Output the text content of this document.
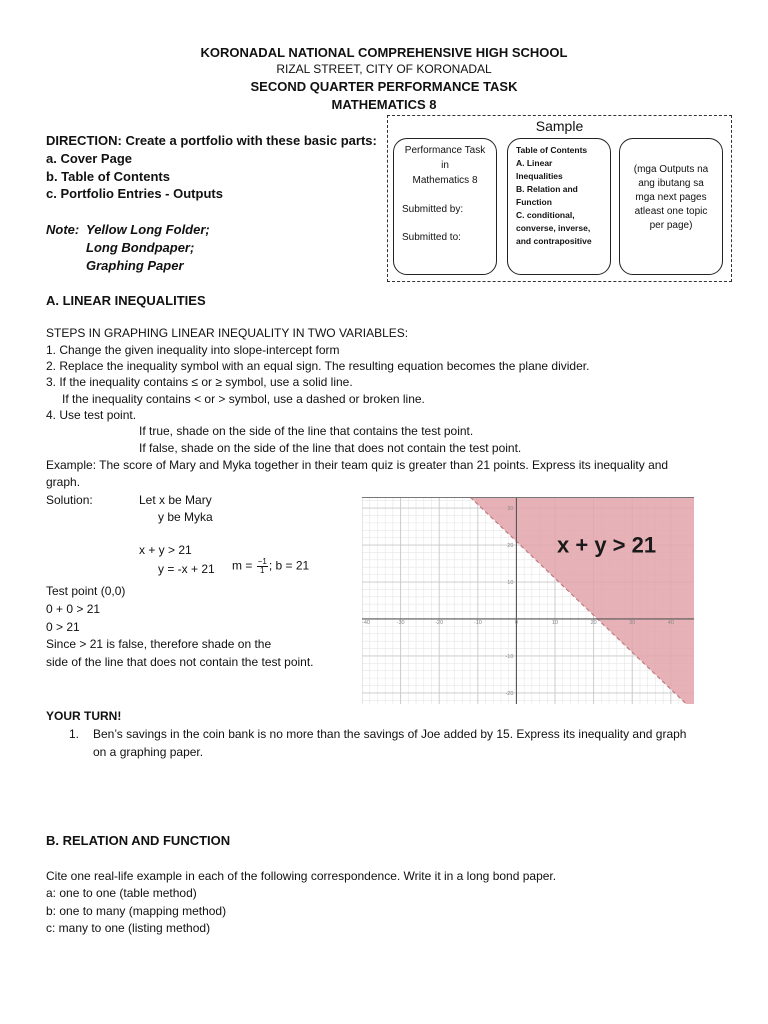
KORONADAL NATIONAL COMPREHENSIVE HIGH SCHOOL
RIZAL STREET, CITY OF KORONADAL
SECOND QUARTER PERFORMANCE TASK
MATHEMATICS 8
DIRECTION: Create a portfolio with these basic parts:
a. Cover Page
b. Table of Contents
c. Portfolio Entries - Outputs
Note: Yellow Long Folder;
Long Bondpaper;
Graphing Paper
Sample
Performance Task
in
Mathematics 8
Submitted by:
Submitted to:
Table of Contents
A. Linear
Inequalities
B. Relation and
Function
C. conditional,
converse, inverse,
and contrapositive
(mga Outputs na
ang ibutang sa
mga next pages
atleast one topic
per page)
A. LINEAR INEQUALITIES
STEPS IN GRAPHING LINEAR INEQUALITY IN TWO VARIABLES:
1. Change the given inequality into slope-intercept form
2. Replace the inequality symbol with an equal sign. The resulting equation becomes the plane divider.
3. If the inequality contains ≤ or ≥ symbol, use a solid line.
If the inequality contains < or > symbol, use a dashed or broken line.
4. Use test point.
If true, shade on the side of the line that contains the test point.
If false, shade on the side of the line that does not contain the test point.
Example: The score of Mary and Myka together in their team quiz is greater than 21 points. Express its inequality and
graph.
Solution:	Let x be Mary
y be Myka
x + y > 21
y = -x + 21 $m = \frac{-1}{1}$ ; b = 21
Test point (0,0)
0 + 0 > 21
0 > 21
Since > 21 is false, therefore shade on the
side of the line that does not contain the test point.
-40	-30	-20	-10	0	10	20	30	40
-20
-10
10
20
30
x + y > 21
YOUR TURN!
1. Ben’s savings in the coin bank is no more than the savings of Joe added by 15. Express its inequality and graph
on a graphing paper.
B. RELATION AND FUNCTION
Cite one real-life example in each of the following correspondence. Write it in a long bond paper.
a: one to one (table method)
b: one to many (mapping method)
c: many to one (listing method)
